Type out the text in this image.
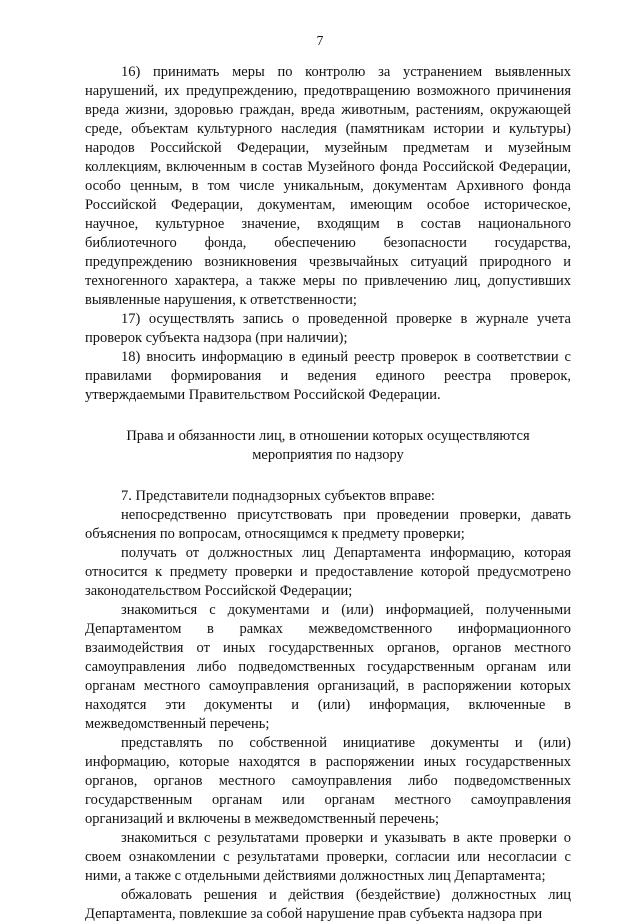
7

16) принимать меры по контролю за устранением выявленных нарушений, их предупреждению, предотвращению возможного причинения вреда жизни, здоровью граждан, вреда животным, растениям, окружающей среде, объектам культурного наследия (памятникам истории и культуры) народов Российской Федерации, музейным предметам и музейным коллекциям, включенным в состав Музейного фонда Российской Федерации, особо ценным, в том числе уникальным, документам Архивного фонда Российской Федерации, документам, имеющим особое историческое, научное, культурное значение, входящим в состав национального библиотечного фонда, обеспечению безопасности государства, предупреждению возникновения чрезвычайных ситуаций природного и техногенного характера, а также меры по привлечению лиц, допустивших выявленные нарушения, к ответственности;

17) осуществлять запись о проведенной проверке в журнале учета проверок субъекта надзора (при наличии);

18) вносить информацию в единый реестр проверок в соответствии с правилами формирования и ведения единого реестра проверок, утверждаемыми Правительством Российской Федерации.

Права и обязанности лиц, в отношении которых осуществляются
мероприятия по надзору

7. Представители поднадзорных субъектов вправе:

непосредственно присутствовать при проведении проверки, давать объяснения по вопросам, относящимся к предмету проверки;

получать от должностных лиц Департамента информацию, которая относится к предмету проверки и предоставление которой предусмотрено законодательством Российской Федерации;

знакомиться с документами и (или) информацией, полученными Департаментом в рамках межведомственного информационного взаимодействия от иных государственных органов, органов местного самоуправления либо подведомственных государственным органам или органам местного самоуправления организаций, в распоряжении которых находятся эти документы и (или) информация, включенные в межведомственный перечень;

представлять по собственной инициативе документы и (или) информацию, которые находятся в распоряжении иных государственных органов, органов местного самоуправления либо подведомственных государственным органам или органам местного самоуправления организаций и включены в межведомственный перечень;

знакомиться с результатами проверки и указывать в акте проверки о своем ознакомлении с результатами проверки, согласии или несогласии с ними, а также с отдельными действиями должностных лиц Департамента;

обжаловать решения и действия (бездействие) должностных лиц Департамента, повлекшие за собой нарушение прав субъекта надзора при
